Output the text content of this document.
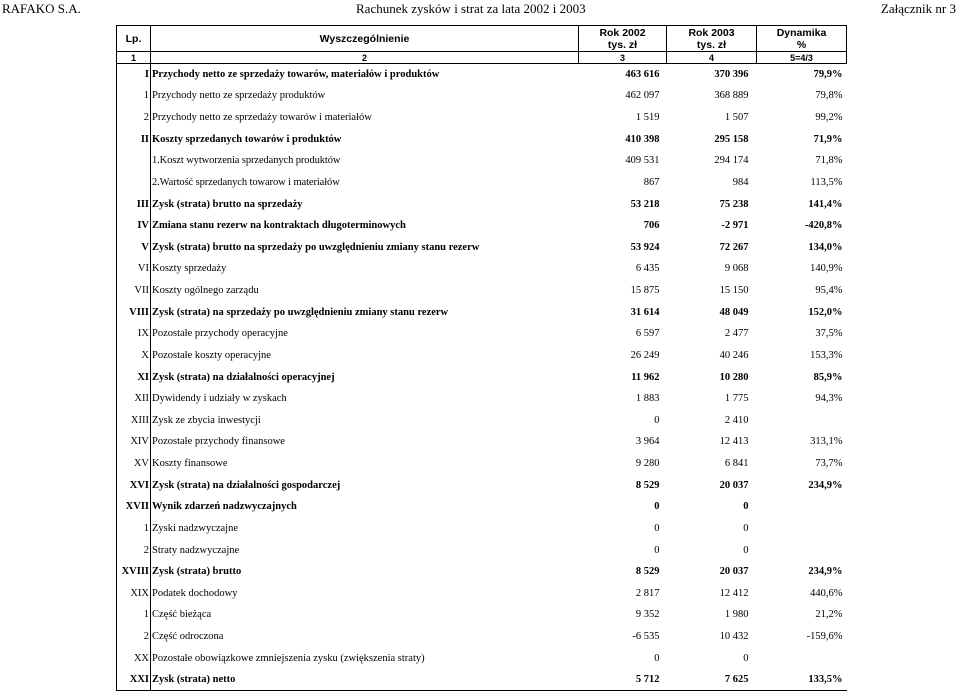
RAFAKO S.A.	Rachunek zysków i strat za lata 2002 i 2003	Załącznik nr 3
Lp.	Wyszczególnienie	Rok 2002	Rok 2003	Dynamika
		tys. zł	tys. zł	%
1	2	3	4	5=4/3
I	Przychody netto ze sprzedaży towarów, materiałów i produktów	463 616	370 396	79,9%
1	Przychody netto ze sprzedaży produktów	462 097	368 889	79,8%
2	Przychody netto ze sprzedaży towarów i materiałów	1 519	1 507	99,2%
II	Koszty sprzedanych towarów i produktów	410 398	295 158	71,9%
	1.Koszt wytworzenia sprzedanych produktów	409 531	294 174	71,8%
	2.Wartość sprzedanych towarow i materiałów	867	984	113,5%
III	Zysk (strata) brutto na sprzedaży	53 218	75 238	141,4%
IV	Zmiana stanu rezerw na kontraktach długoterminowych	706	-2 971	-420,8%
V	Zysk (strata) brutto na sprzedaży po uwzględnieniu zmiany stanu rezerw	53 924	72 267	134,0%
VI	Koszty sprzedaży	6 435	9 068	140,9%
VII	Koszty ogólnego zarządu	15 875	15 150	95,4%
VIII	Zysk (strata) na sprzedaży po uwzględnieniu zmiany stanu rezerw	31 614	48 049	152,0%
IX	Pozostałe przychody operacyjne	6 597	2 477	37,5%
X	Pozostałe koszty operacyjne	26 249	40 246	153,3%
XI	Zysk (strata) na działalności operacyjnej	11 962	10 280	85,9%
XII	Dywidendy i udziały w zyskach	1 883	1 775	94,3%
XIII	Zysk ze zbycia inwestycji	0	2 410	
XIV	Pozostałe przychody finansowe	3 964	12 413	313,1%
XV	Koszty finansowe	9 280	6 841	73,7%
XVI	Zysk (strata) na działalności gospodarczej	8 529	20 037	234,9%
XVII	Wynik zdarzeń nadzwyczajnych	0	0	
1	Zyski nadzwyczajne	0	0	
2	Straty nadzwyczajne	0	0	
XVIII	Zysk (strata) brutto	8 529	20 037	234,9%
XIX	Podatek dochodowy	2 817	12 412	440,6%
1	Część bieżąca	9 352	1 980	21,2%
2	Część odroczona	-6 535	10 432	-159,6%
XX	Pozostałe obowiązkowe zmniejszenia zysku (zwiększenia straty)	0	0	
XXI	Zysk (strata) netto	5 712	7 625	133,5%
